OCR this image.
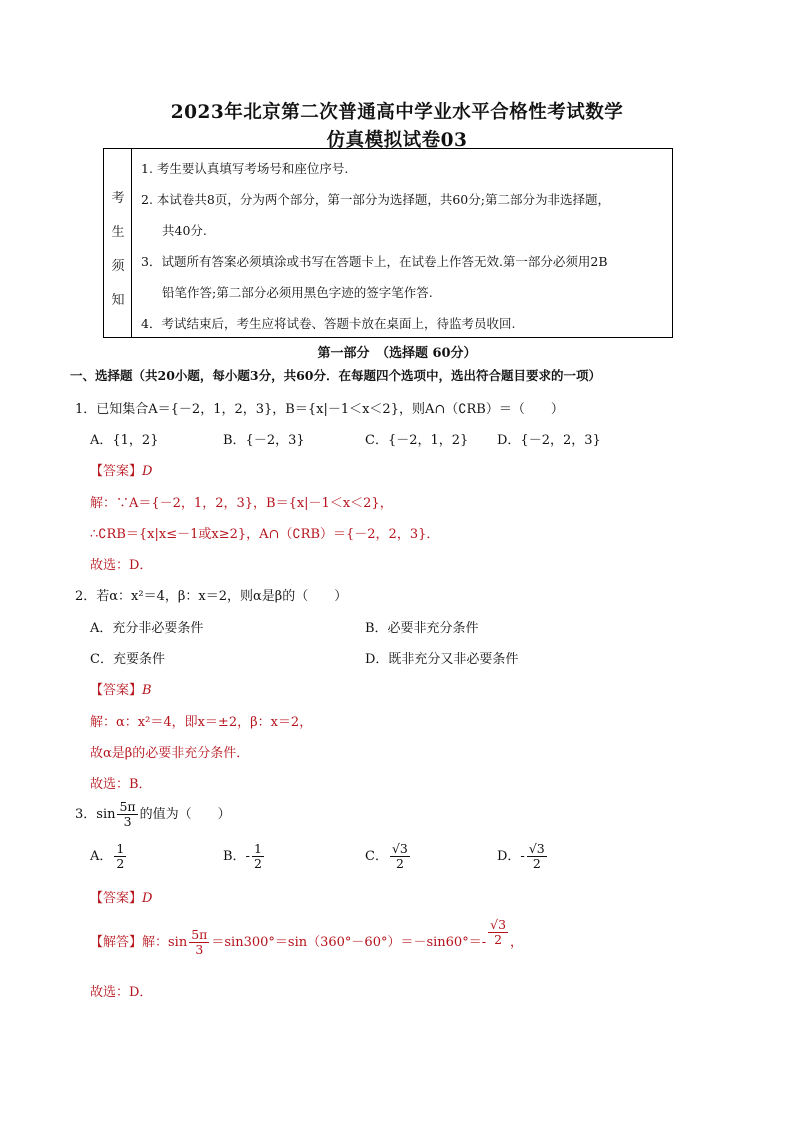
2023年北京第二次普通高中学业水平合格性考试数学
仿真模拟试卷03
考
生
须
知
1. 考生要认真填写考场号和座位序号.
2. 本试卷共8页，分为两个部分，第一部分为选择题，共60分;第二部分为非选择题，
共40分.
3．试题所有答案必须填涂或书写在答题卡上，在试卷上作答无效.第一部分必须用2B
铅笔作答;第二部分必须用黑色字迹的签字笔作答.
4．考试结束后，考生应将试卷、答题卡放在桌面上，待监考员收回.
第一部分　（选择题 60分）
一、选择题（共20小题，每小题3分，共60分．在每题四个选项中，选出符合题目要求的一项）
1．已知集合A＝{－2，1，2，3}，B＝{x|－1＜x＜2}，则A∩（∁RB）＝（　　）
A．{1，2}	B．{－2，3}	C．{－2，1，2} D．{－2，2，3}
【答案】D
解：∵A＝{－2，1，2，3}，B＝{x|－1＜x＜2}，
∴∁RB＝{x|x≤－1或x≥2}，A∩（∁RB）＝{－2，2，3}．
故选：D．
2．若α：x²＝4，β：x＝2，则α是β的（　　）
A．充分非必要条件	B．必要非充分条件
C．充要条件	D．既非充分又非必要条件
【答案】B
解：α：x²＝4，即x＝±2，β：x＝2，
故α是β的必要非充分条件．
故选：B．
3．$\sin \frac{5\pi}{3}$ 的值为（　　）
A． $\frac{1}{2}$	B．- $\frac{1}{2}$	C． $\frac{√3}{2}$	D．- $\frac{√3}{2}$
【答案】D
【解答】解：$\sin \frac{5\pi}{3} =\sin 300^\circ=\sin(360^\circ-60^\circ)=-\sin 60^\circ=- \frac{√3}{2}$ ，
故选：D．
